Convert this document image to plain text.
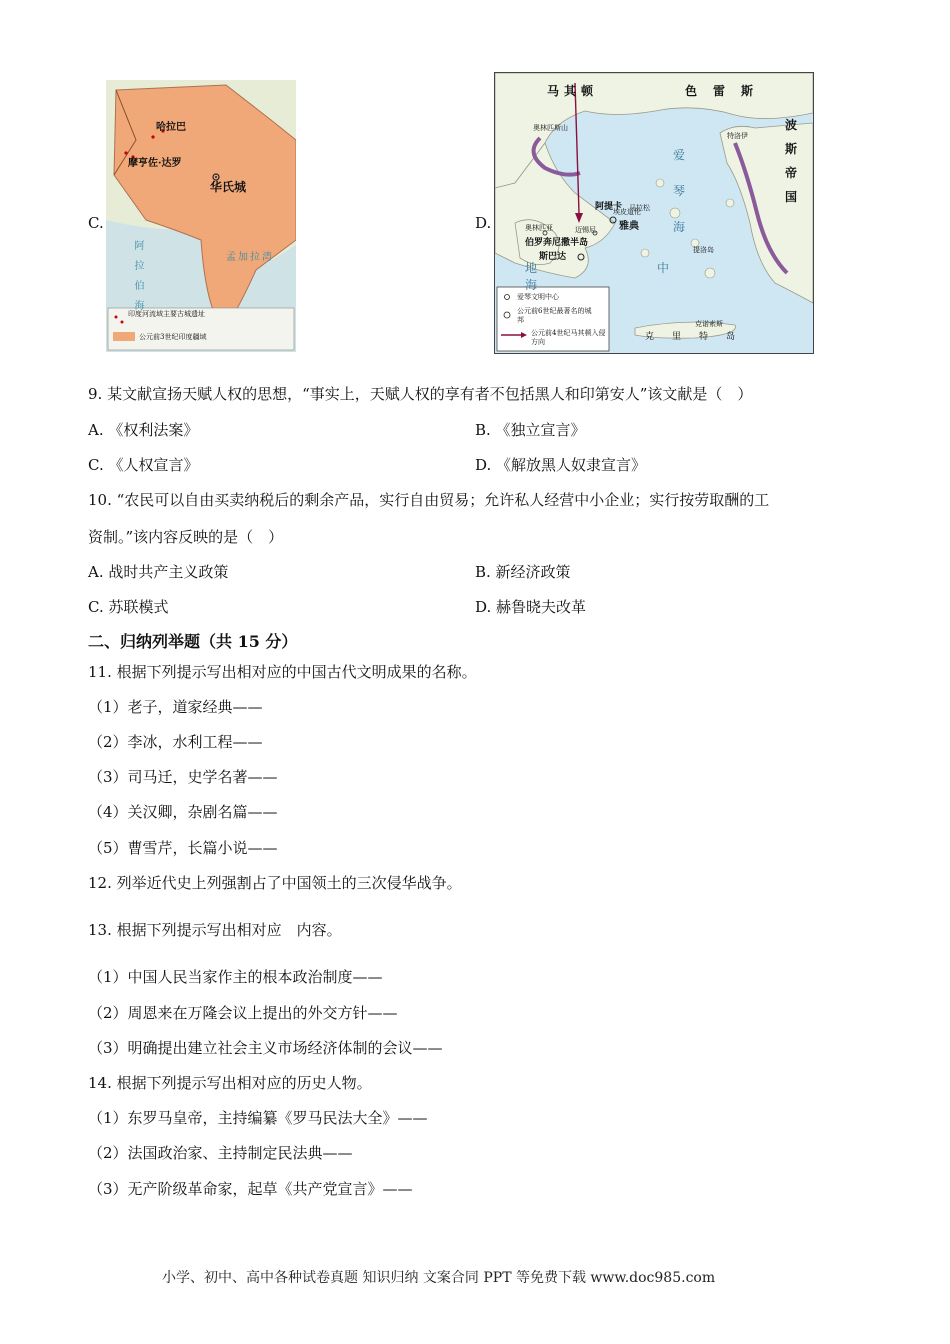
C.
哈拉巴
摩亨佐·达罗
华氏城
阿拉伯海	孟加拉湾
印度河流域主要古城遗址
公元前3世纪印度疆域
D.
马其顿	色雷斯
奥林匹斯山
特洛伊
波斯帝国
爱琴海
阿提卡 马拉松
雅典
奥林匹亚
埃皮道伦
迈锡尼
伯罗奔尼撒半岛
斯巴达
提洛岛
地中海
克诺索斯
克里特岛
爱琴文明中心
公元前6世纪最著名的城邦
公元前4世纪马其顿入侵方向
9. 某文献宣扬天赋人权的思想，“事实上，天赋人权的享有者不包括黑人和印第安人”该文献是（　）
A. 《权利法案》	B. 《独立宣言》
C. 《人权宣言》	D. 《解放黑人奴隶宣言》
10. “农民可以自由买卖纳税后的剩余产品，实行自由贸易；允许私人经营中小企业；实行按劳取酬的工
资制。”该内容反映的是（　）
A. 战时共产主义政策	B. 新经济政策
C. 苏联模式	D. 赫鲁晓夫改革
二、归纳列举题（共 15 分）
11. 根据下列提示写出相对应的中国古代文明成果的名称。
（1）老子，道家经典——
（2）李冰，水利工程——
（3）司马迁，史学名著——
（4）关汉卿，杂剧名篇——
（5）曹雪芹，长篇小说——
12. 列举近代史上列强割占了中国领土的三次侵华战争。
13. 根据下列提示写出相对应　内容。
（1）中国人民当家作主的根本政治制度——
（2）周恩来在万隆会议上提出的外交方针——
（3）明确提出建立社会主义市场经济体制的会议——
14. 根据下列提示写出相对应的历史人物。
（1）东罗马皇帝，主持编纂《罗马民法大全》——
（2）法国政治家、主持制定民法典——
（3）无产阶级革命家，起草《共产党宣言》——
小学、初中、高中各种试卷真题 知识归纳 文案合同 PPT 等免费下载 www.doc985.com
